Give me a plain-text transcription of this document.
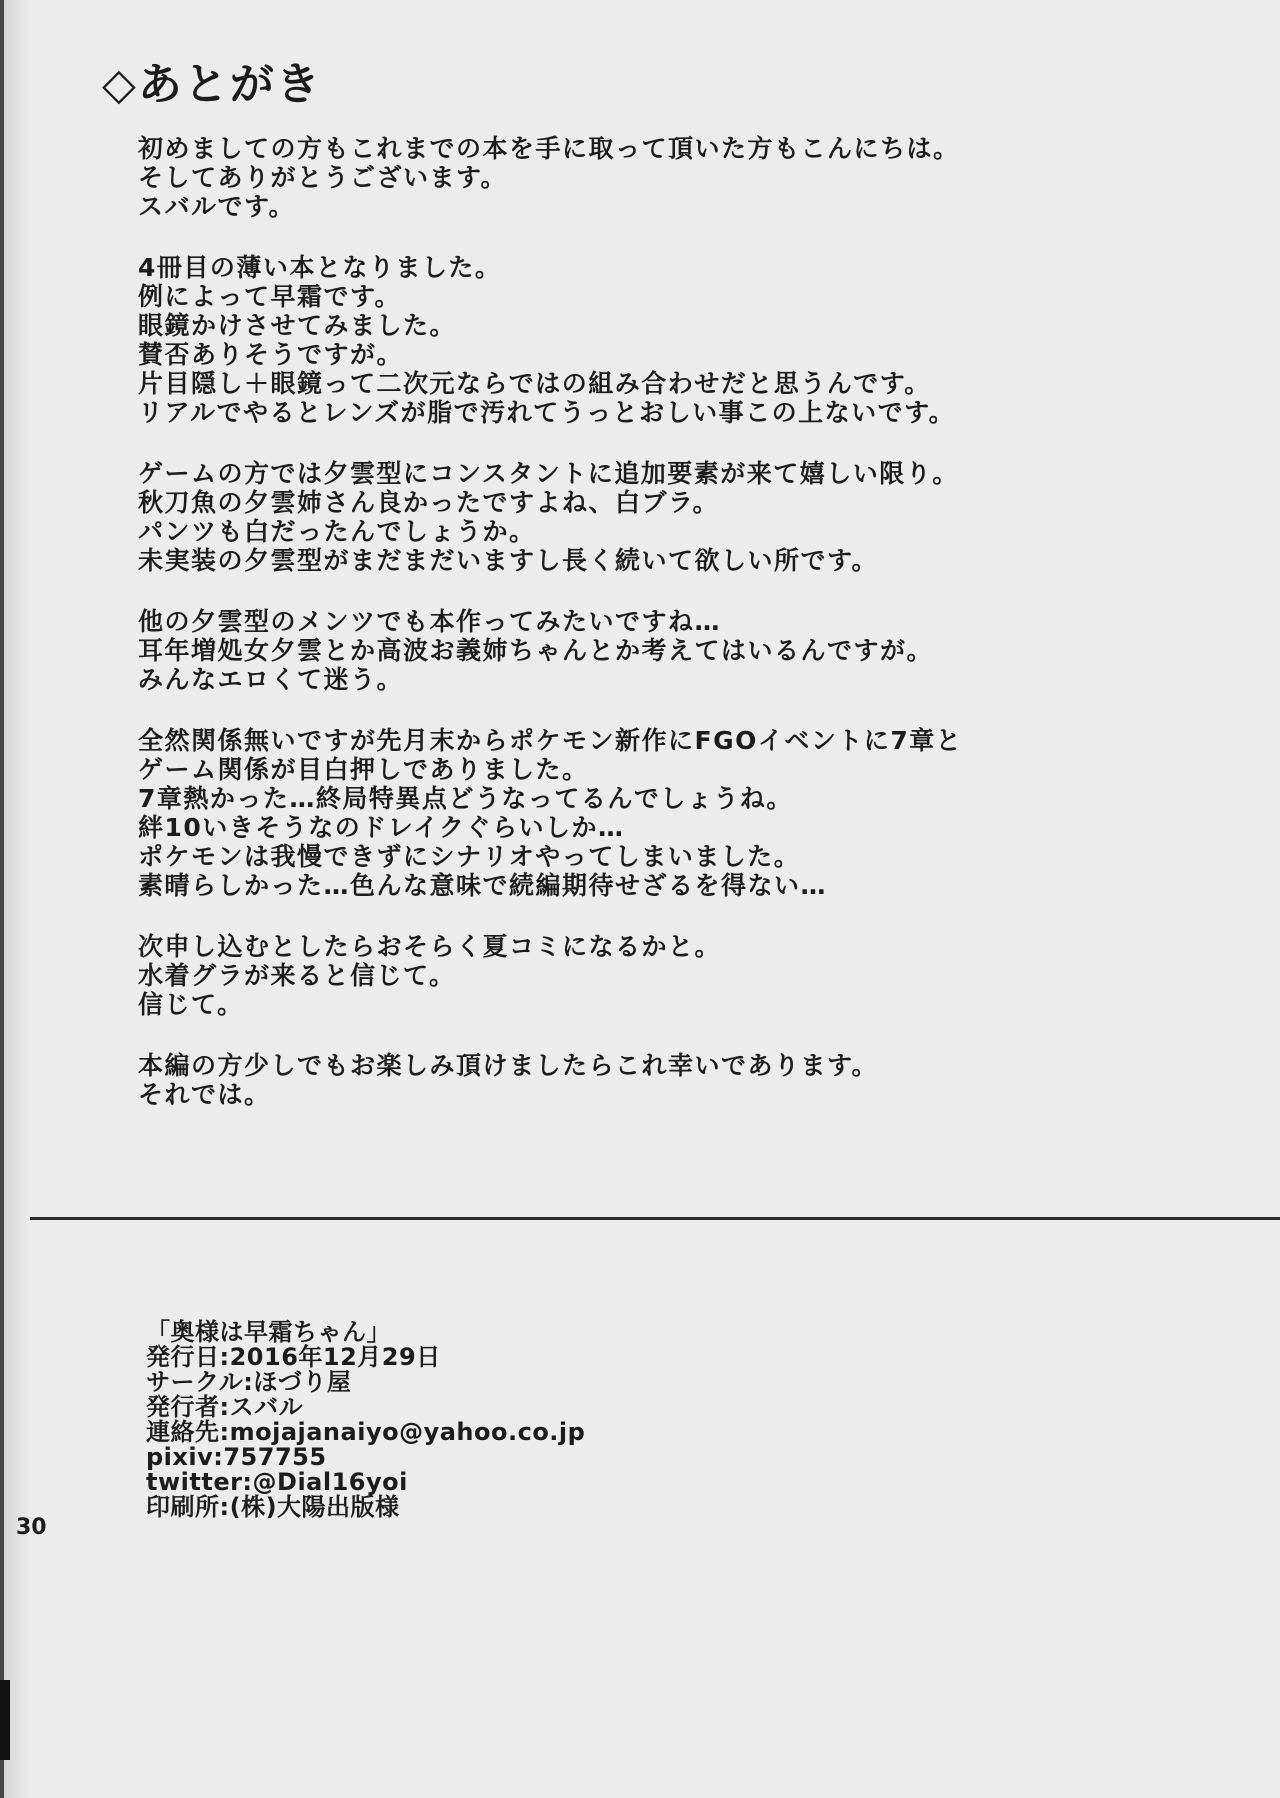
◇あとがき
初めましての方もこれまでの本を手に取って頂いた方もこんにちは。
そしてありがとうございます。
スバルです。
4冊目の薄い本となりました。
例によって早霜です。
眼鏡かけさせてみました。
賛否ありそうですが。
片目隠し＋眼鏡って二次元ならではの組み合わせだと思うんです。
リアルでやるとレンズが脂で汚れてうっとおしい事この上ないです。
ゲームの方では夕雲型にコンスタントに追加要素が来て嬉しい限り。
秋刀魚の夕雲姉さん良かったですよね、白ブラ。
パンツも白だったんでしょうか。
未実装の夕雲型がまだまだいますし長く続いて欲しい所です。
他の夕雲型のメンツでも本作ってみたいですね…
耳年増処女夕雲とか高波お義姉ちゃんとか考えてはいるんですが。
みんなエロくて迷う。
全然関係無いですが先月末からポケモン新作にFGOイベントに7章と
ゲーム関係が目白押しでありました。
7章熱かった…終局特異点どうなってるんでしょうね。
絆10いきそうなのドレイクぐらいしか…
ポケモンは我慢できずにシナリオやってしまいました。
素晴らしかった…色んな意味で続編期待せざるを得ない…
次申し込むとしたらおそらく夏コミになるかと。
水着グラが来ると信じて。
信じて。
本編の方少しでもお楽しみ頂けましたらこれ幸いであります。
それでは。
「奥様は早霜ちゃん」
発行日:2016年12月29日
サークル:ほづり屋
発行者:スバル
連絡先:mojajanaiyo@yahoo.co.jp
pixiv:757755
twitter:@Dial16yoi
印刷所:(株)大陽出版様
30
